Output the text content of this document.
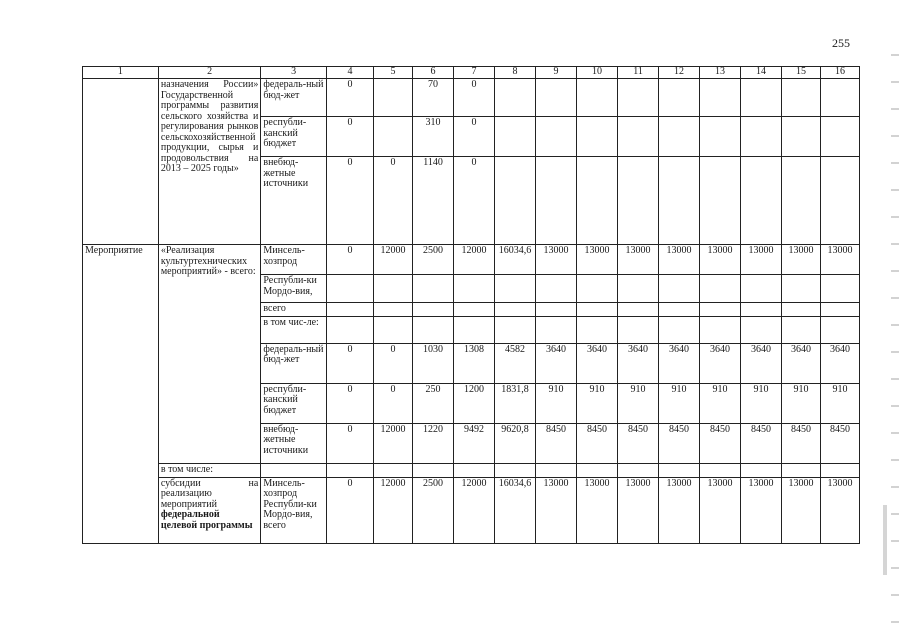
255
1	2	3	4	5	6	7	8	9	10	11	12	13	14	15	16
	назначения России» Государственной программы развития сельского хозяйства и регулирования рынков сельскохозяйственной продукции, сырья и продовольствия на 2013 – 2025 годы»	федераль-ный бюд-жет	0		70	0									
		республи-канский бюджет	0		310	0									
		внебюд-жетные источники	0	0	1140	0									
Мероприятие	«Реализация культуртехнических мероприятий» - всего:	Минсель-хозпрод	0	12000	2500	12000	16034,6	13000	13000	13000	13000	13000	13000	13000	13000
		Республи-ки Мордо-вия,													
		всего													
		в том чис-ле:													
		федераль-ный бюд-жет	0	0	1030	1308	4582	3640	3640	3640	3640	3640	3640	3640	3640
		республи-канский бюджет	0	0	250	1200	1831,8	910	910	910	910	910	910	910	910
		внебюд-жетные источники	0	12000	1220	9492	9620,8	8450	8450	8450	8450	8450	8450	8450	8450
	в том числе:														
	субсидии на реализацию мероприятий федеральной целевой программы	Минсель-хозпрод Республи-ки Мордо-вия, всего	0	12000	2500	12000	16034,6	13000	13000	13000	13000	13000	13000	13000	13000
